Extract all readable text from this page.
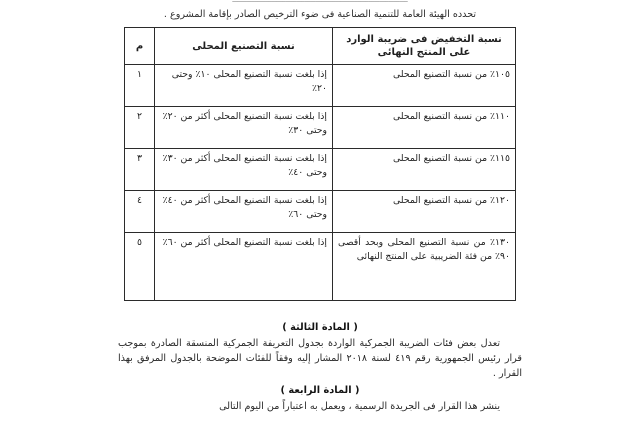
تحدده الهيئة العامة للتنمية الصناعية فى ضوء الترخيص الصادر بإقامة المشروع .
نسبة التخفيض فى ضريبة الوارد على المنتج النهائى	نسبة التصنيع المحلى	م
١٠٥٪ من نسبة التصنيع المحلى	إذا بلغت نسبة التصنيع المحلى ١٠٪ وحتى ٢٠٪	١
١١٠٪ من نسبة التصنيع المحلى	إذا بلغت نسبة التصنيع المحلى أكثر من ٢٠٪ وحتى ٣٠٪	٢
١١٥٪ من نسبة التصنيع المحلى	إذا بلغت نسبة التصنيع المحلى أكثر من ٣٠٪ وحتى ٤٠٪	٣
١٢٠٪ من نسبة التصنيع المحلى	إذا بلغت نسبة التصنيع المحلى أكثر من ٤٠٪ وحتى ٦٠٪	٤
١٣٠٪ من نسبة التصنيع المحلى وبحد أقصى ٩٠٪ من فئة الضريبية على المنتج النهائى	إذا بلغت نسبة التصنيع المحلى أكثر من ٦٠٪	٥
( المادة الثالثة )

تعدل بعض فئات الضريبة الجمركية الواردة بجدول التعريفة الجمركية المنسقة الصادرة بموجب قرار رئيس الجمهورية رقم ٤١٩ لسنة ٢٠١٨ المشار إليه وفقاً للفئات الموضحة بالجدول المرفق بهذا القرار .

( المادة الرابعة )

ينشر هذا القرار فى الجريدة الرسمية ، ويعمل به اعتباراً من اليوم التالى
